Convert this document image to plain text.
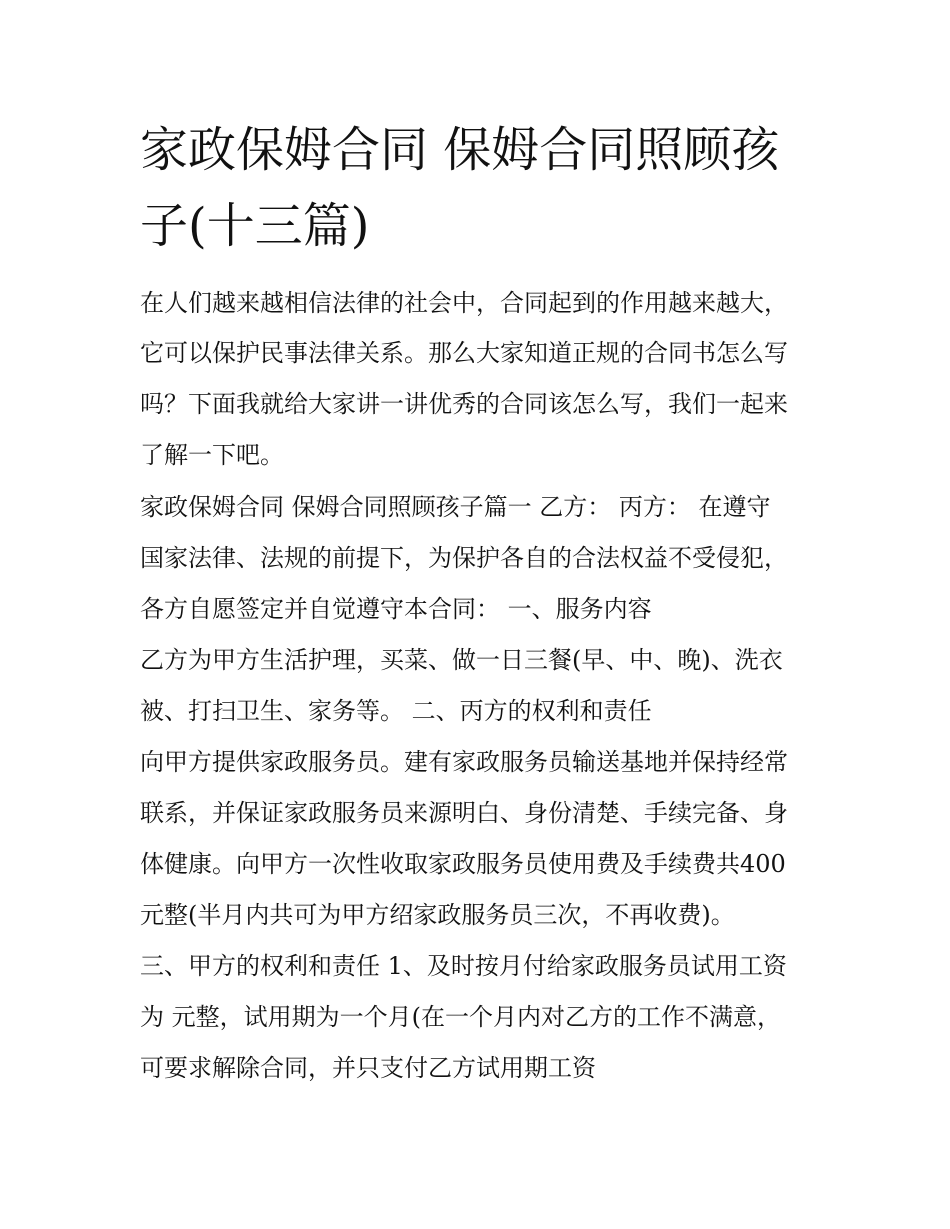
家政保姆合同 保姆合同照顾孩
子(十三篇)
在人们越来越相信法律的社会中，合同起到的作用越来越大，
它可以保护民事法律关系。那么大家知道正规的合同书怎么写
吗？下面我就给大家讲一讲优秀的合同该怎么写，我们一起来
了解一下吧。
家政保姆合同 保姆合同照顾孩子篇一 乙方： 丙方： 在遵守
国家法律、法规的前提下，为保护各自的合法权益不受侵犯，
各方自愿签定并自觉遵守本合同： 一、服务内容
乙方为甲方生活护理，买菜、做一日三餐(早、中、晚)、洗衣
被、打扫卫生、家务等。 二、丙方的权利和责任
向甲方提供家政服务员。建有家政服务员输送基地并保持经常
联系，并保证家政服务员来源明白、身份清楚、手续完备、身
体健康。向甲方一次性收取家政服务员使用费及手续费共400
元整(半月内共可为甲方绍家政服务员三次，不再收费)。
三、甲方的权利和责任 1、及时按月付给家政服务员试用工资
为 元整，试用期为一个月(在一个月内对乙方的工作不满意，
可要求解除合同，并只支付乙方试用期工资
